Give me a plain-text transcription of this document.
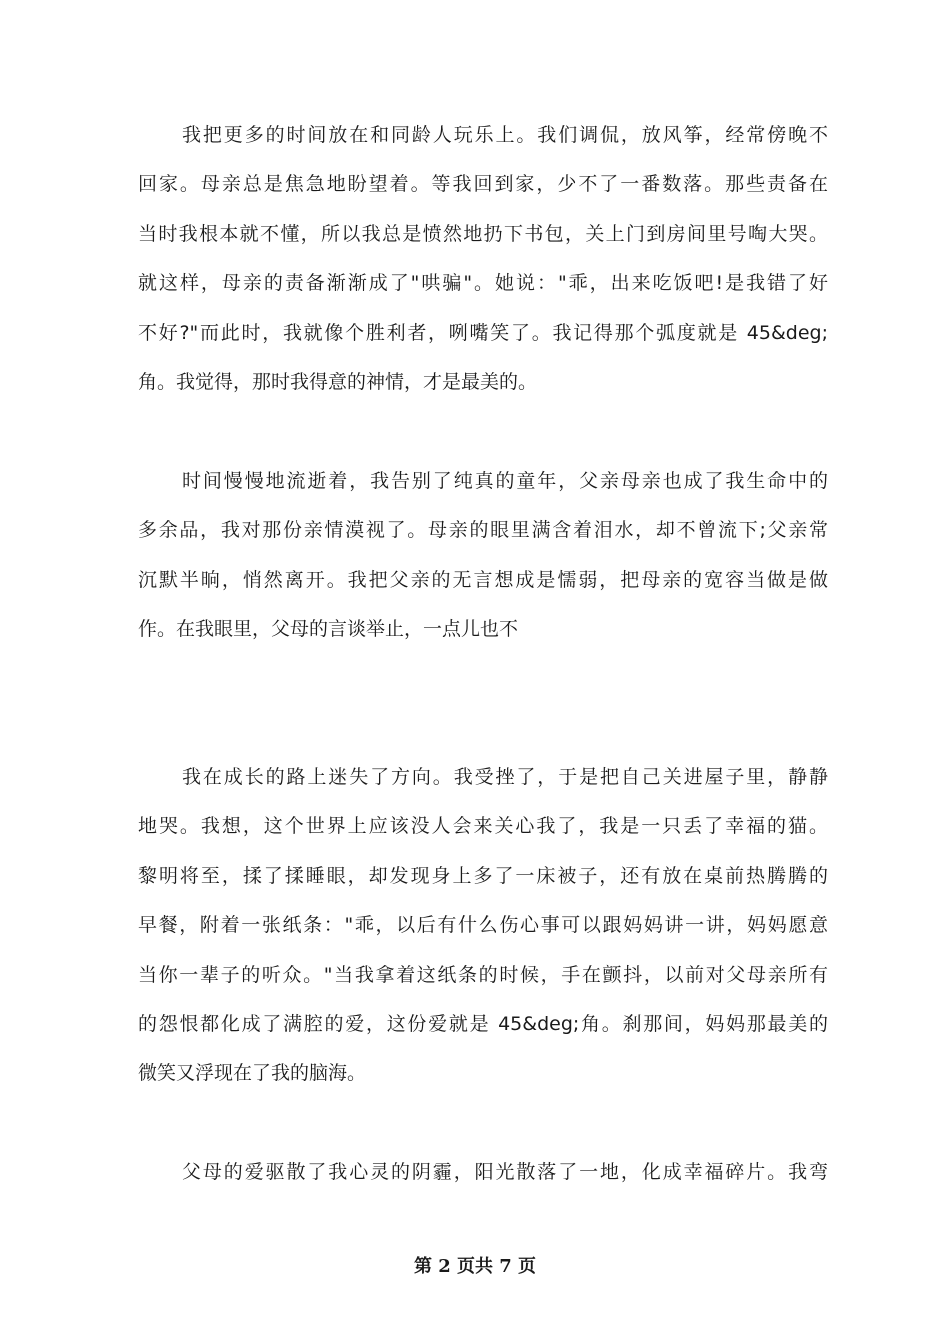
我把更多的时间放在和同龄人玩乐上。我们调侃，放风筝，经常傍晚不
回家。母亲总是焦急地盼望着。等我回到家，少不了一番数落。那些责备在
当时我根本就不懂，所以我总是愤然地扔下书包，关上门到房间里号啕大哭。
就这样，母亲的责备渐渐成了"哄骗"。她说："乖，出来吃饭吧!是我错了好
不好?"而此时，我就像个胜利者，咧嘴笑了。我记得那个弧度就是 45&deg;
角。我觉得，那时我得意的神情，才是最美的。
时间慢慢地流逝着，我告别了纯真的童年，父亲母亲也成了我生命中的
多余品，我对那份亲情漠视了。母亲的眼里满含着泪水，却不曾流下;父亲常
沉默半晌，悄然离开。我把父亲的无言想成是懦弱，把母亲的宽容当做是做
作。在我眼里，父母的言谈举止，一点儿也不
我在成长的路上迷失了方向。我受挫了，于是把自己关进屋子里，静静
地哭。我想，这个世界上应该没人会来关心我了，我是一只丢了幸福的猫。
黎明将至，揉了揉睡眼，却发现身上多了一床被子，还有放在桌前热腾腾的
早餐，附着一张纸条："乖，以后有什么伤心事可以跟妈妈讲一讲，妈妈愿意
当你一辈子的听众。"当我拿着这纸条的时候，手在颤抖，以前对父母亲所有
的怨恨都化成了满腔的爱，这份爱就是 45&deg;角。刹那间，妈妈那最美的
微笑又浮现在了我的脑海。
父母的爱驱散了我心灵的阴霾，阳光散落了一地，化成幸福碎片。我弯
第 2 页共 7 页
